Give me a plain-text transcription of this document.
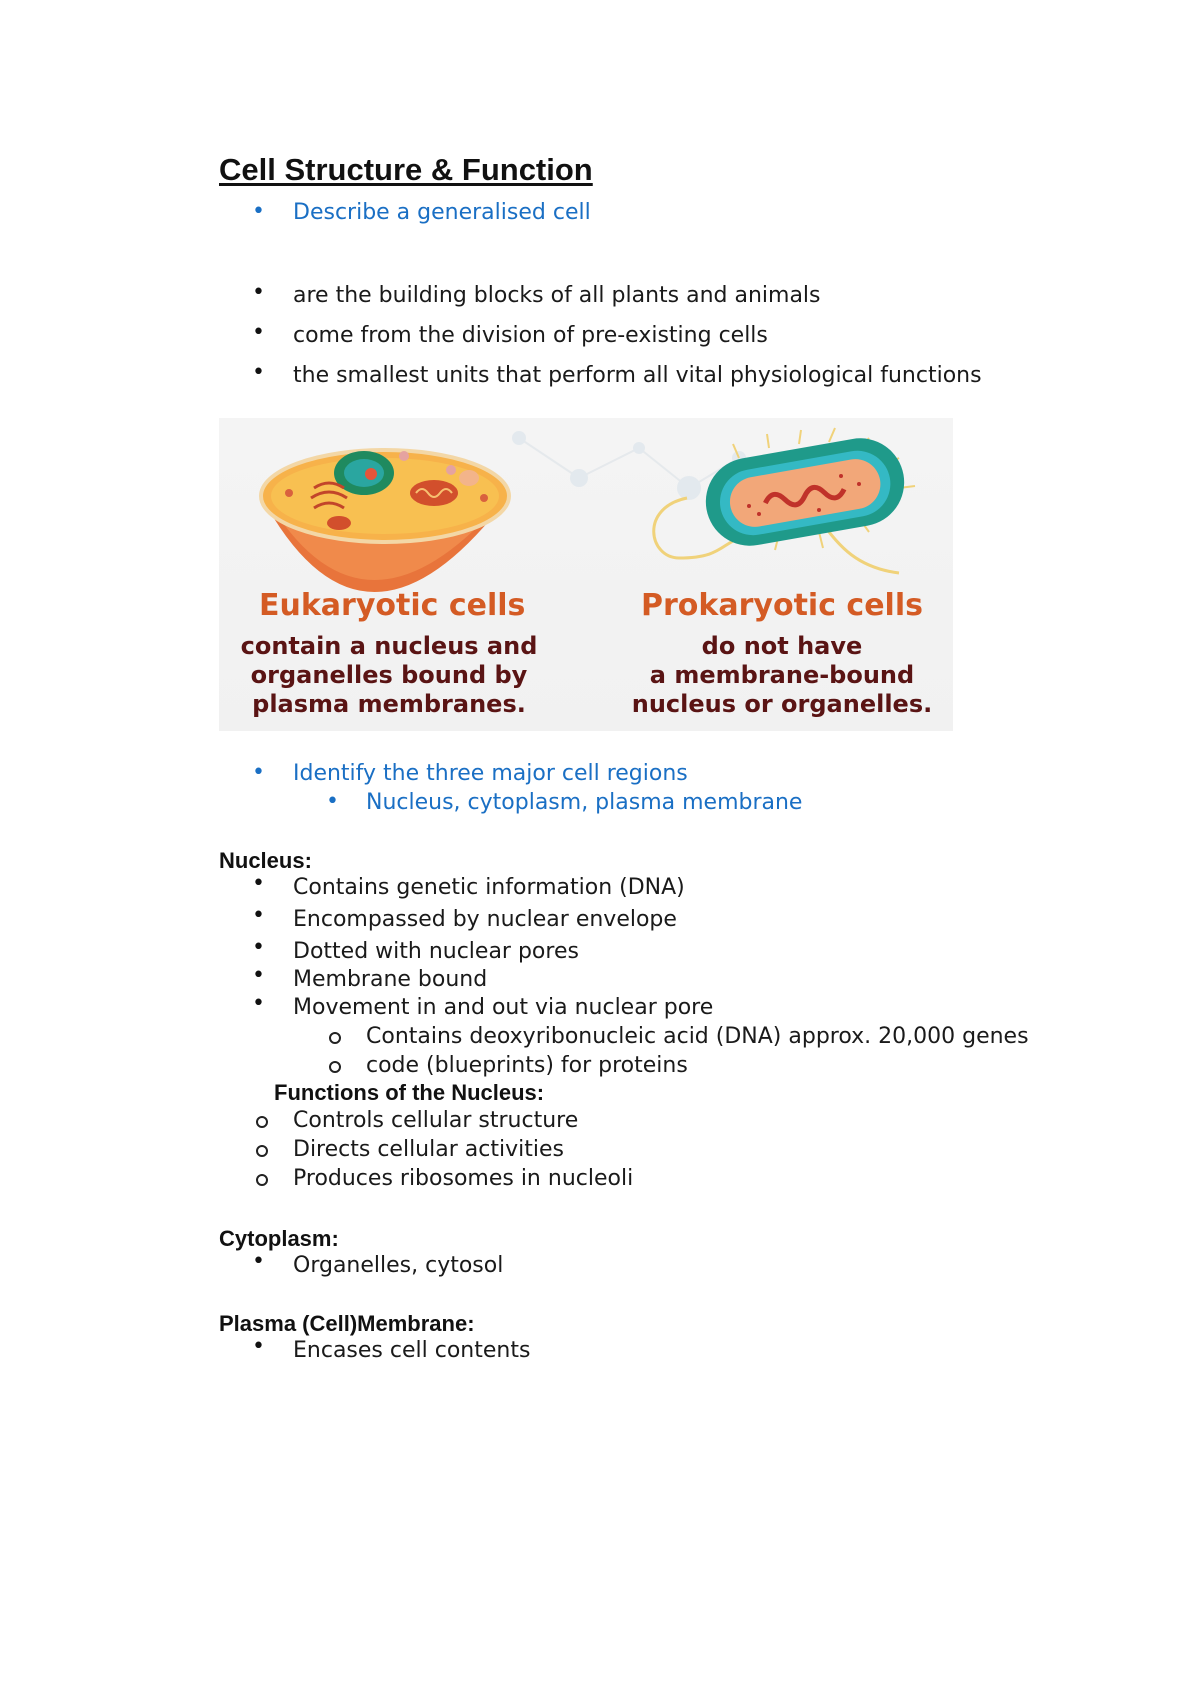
Cell Structure & Function
• Describe a generalised cell
• are the building blocks of all plants and animals
• come from the division of pre-existing cells
• the smallest units that perform all vital physiological functions
Eukaryotic cells
contain a nucleus and
organelles bound by
plasma membranes.
Prokaryotic cells
do not have
a membrane-bound
nucleus or organelles.
• Identify the three major cell regions
• Nucleus, cytoplasm, plasma membrane
Nucleus:
• Contains genetic information (DNA)
• Encompassed by nuclear envelope
• Dotted with nuclear pores
• Membrane bound
• Movement in and out via nuclear pore
Contains deoxyribonucleic acid (DNA) approx. 20,000 genes
code (blueprints) for proteins
Functions of the Nucleus:
Controls cellular structure
Directs cellular activities
Produces ribosomes in nucleoli
Cytoplasm:
• Organelles, cytosol
Plasma (Cell)Membrane:
• Encases cell contents
